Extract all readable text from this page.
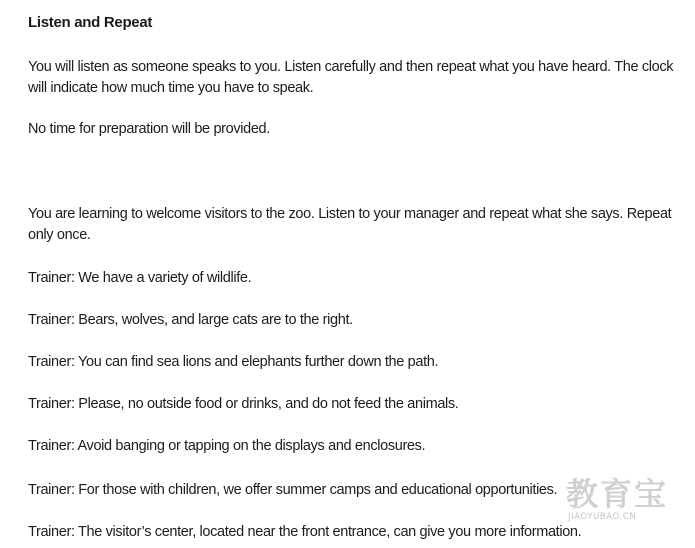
Listen and Repeat

You will listen as someone speaks to you. Listen carefully and then repeat what you have heard. The clock will indicate how much time you have to speak.

No time for preparation will be provided.

You are learning to welcome visitors to the zoo. Listen to your manager and repeat what she says. Repeat only once.

Trainer: We have a variety of wildlife.
Trainer: Bears, wolves, and large cats are to the right.
Trainer: You can find sea lions and elephants further down the path.
Trainer: Please, no outside food or drinks, and do not feed the animals.
Trainer: Avoid banging or tapping on the displays and enclosures.
Trainer: For those with children, we offer summer camps and educational opportunities.
Trainer: The visitor’s center, located near the front entrance, can give you more information.
教育宝
JIAOYUBAO.CN
